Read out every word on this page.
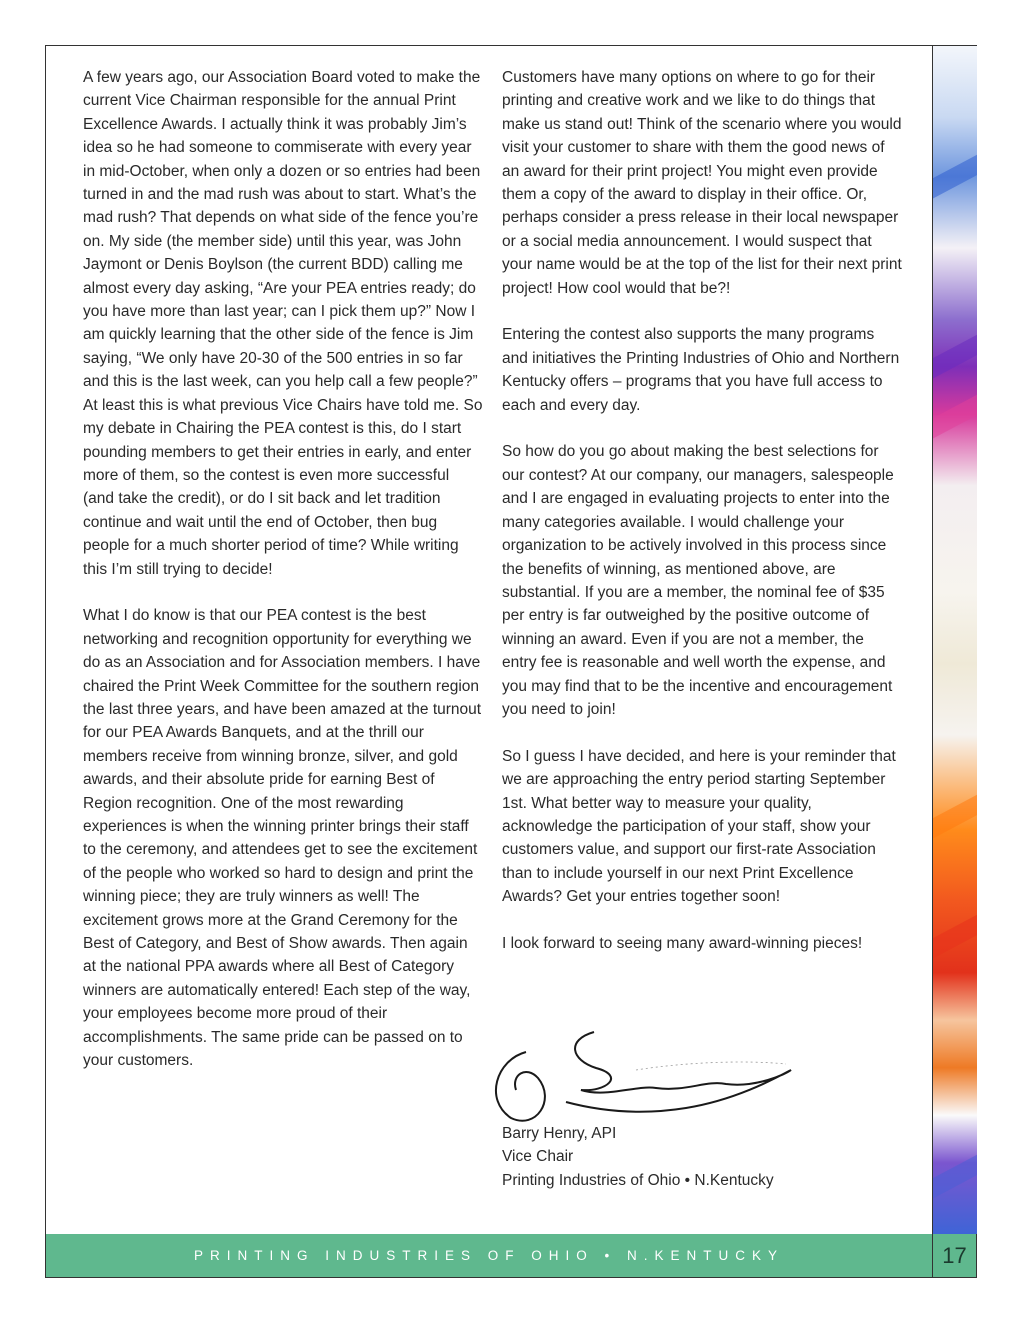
A few years ago, our Association Board voted to make the current Vice Chairman responsible for the annual Print Excellence Awards. I actually think it was probably Jim’s idea so he had someone to commiserate with every year in mid-October, when only a dozen or so entries had been turned in and the mad rush was about to start. What’s the mad rush? That depends on what side of the fence you’re on. My side (the member side) until this year, was John Jaymont or Denis Boylson (the current BDD) calling me almost every day asking, “Are your PEA entries ready; do you have more than last year; can I pick them up?” Now I am quickly learning that the other side of the fence is Jim saying, “We only have 20-30 of the 500 entries in so far and this is the last week, can you help call a few people?” At least this is what previous Vice Chairs have told me. So my debate in Chairing the PEA contest is this, do I start pounding members to get their entries in early, and enter more of them, so the contest is even more successful (and take the credit), or do I sit back and let tradition continue and wait until the end of October, then bug people for a much shorter period of time? While writing this I’m still trying to decide!

What I do know is that our PEA contest is the best networking and recognition opportunity for everything we do as an Association and for Association members. I have chaired the Print Week Committee for the southern region the last three years, and have been amazed at the turnout for our PEA Awards Banquets, and at the thrill our members receive from winning bronze, silver, and gold awards, and their absolute pride for earning Best of Region recognition. One of the most rewarding experiences is when the winning printer brings their staff to the ceremony, and attendees get to see the excitement of the people who worked so hard to design and print the winning piece; they are truly winners as well! The excitement grows more at the Grand Ceremony for the Best of Category, and Best of Show awards. Then again at the national PPA awards where all Best of Category winners are automatically entered! Each step of the way, your employees become more proud of their accomplishments. The same pride can be passed on to your customers.

Customers have many options on where to go for their printing and creative work and we like to do things that make us stand out! Think of the scenario where you would visit your customer to share with them the good news of an award for their print project! You might even provide them a copy of the award to display in their office. Or, perhaps consider a press release in their local newspaper or a social media announcement. I would suspect that your name would be at the top of the list for their next print project! How cool would that be?!

Entering the contest also supports the many programs and initiatives the Printing Industries of Ohio and Northern Kentucky offers – programs that you have full access to each and every day.

So how do you go about making the best selections for our contest? At our company, our managers, salespeople and I are engaged in evaluating projects to enter into the many categories available. I would challenge your organization to be actively involved in this process since the benefits of winning, as mentioned above, are substantial. If you are a member, the nominal fee of $35 per entry is far outweighed by the positive outcome of winning an award. Even if you are not a member, the entry fee is reasonable and well worth the expense, and you may find that to be the incentive and encouragement you need to join!

So I guess I have decided, and here is your reminder that we are approaching the entry period starting September 1st. What better way to measure your quality, acknowledge the participation of your staff, show your customers value, and support our first-rate Association than to include yourself in our next Print Excellence Awards? Get your entries together soon!

I look forward to seeing many award-winning pieces!

Barry Henry, API
Vice Chair
Printing Industries of Ohio • N.Kentucky
PRINTING INDUSTRIES OF OHIO • N.KENTUCKY	17
